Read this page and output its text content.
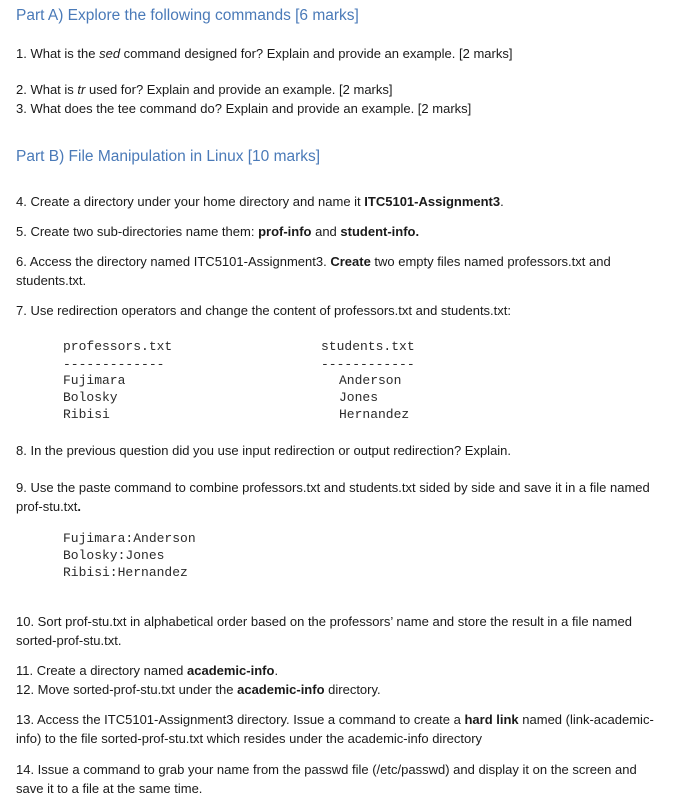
Part A) Explore the following commands [6 marks]
1. What is the sed command designed for? Explain and provide an example. [2 marks]
2. What is tr used for? Explain and provide an example. [2 marks]
3. What does the tee command do? Explain and provide an example. [2 marks]
Part B) File Manipulation in Linux [10 marks]
4. Create a directory under your home directory and name it ITC5101-Assignment3.
5. Create two sub-directories name them: prof-info and student-info.
6. Access the directory named ITC5101-Assignment3. Create two empty files named professors.txt and students.txt.
7. Use redirection operators and change the content of professors.txt and students.txt:
professors.txt
-------------
Fujimara
Bolosky
Ribisi
students.txt
------------
Anderson
Jones
Hernandez
8. In the previous question did you use input redirection or output redirection? Explain.
9. Use the paste command to combine professors.txt and students.txt sided by side and save it in a file named prof-stu.txt.
Fujimara:Anderson
Bolosky:Jones
Ribisi:Hernandez
10. Sort prof-stu.txt in alphabetical order based on the professors’ name and store the result in a file named sorted-prof-stu.txt.
11. Create a directory named academic-info.
12. Move sorted-prof-stu.txt under the academic-info directory.
13. Access the ITC5101-Assignment3 directory. Issue a command to create a hard link named (link-academic-info) to the file sorted-prof-stu.txt which resides under the academic-info directory
14. Issue a command to grab your name from the passwd file (/etc/passwd) and display it on the screen and save it to a file at the same time.
